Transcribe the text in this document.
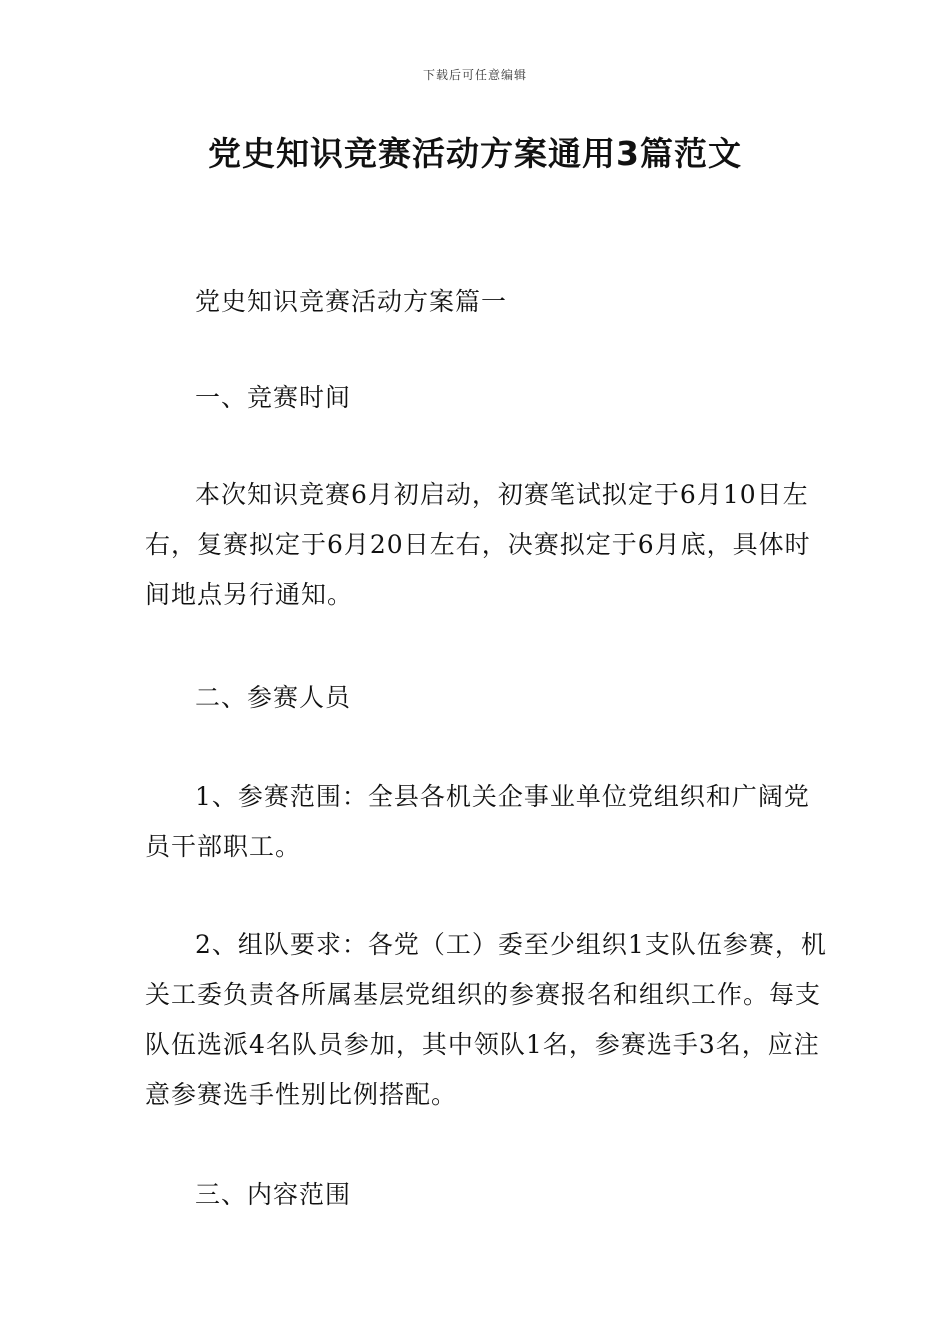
下载后可任意编辑
党史知识竞赛活动方案通用3篇范文

党史知识竞赛活动方案篇一

一、竞赛时间

本次知识竞赛6月初启动，初赛笔试拟定于6月10日左右，复赛拟定于6月20日左右，决赛拟定于6月底，具体时间地点另行通知。

二、参赛人员

1、参赛范围：全县各机关企事业单位党组织和广阔党员干部职工。

2、组队要求：各党（工）委至少组织1支队伍参赛，机关工委负责各所属基层党组织的参赛报名和组织工作。每支队伍选派4名队员参加，其中领队1名，参赛选手3名，应注意参赛选手性别比例搭配。

三、内容范围
